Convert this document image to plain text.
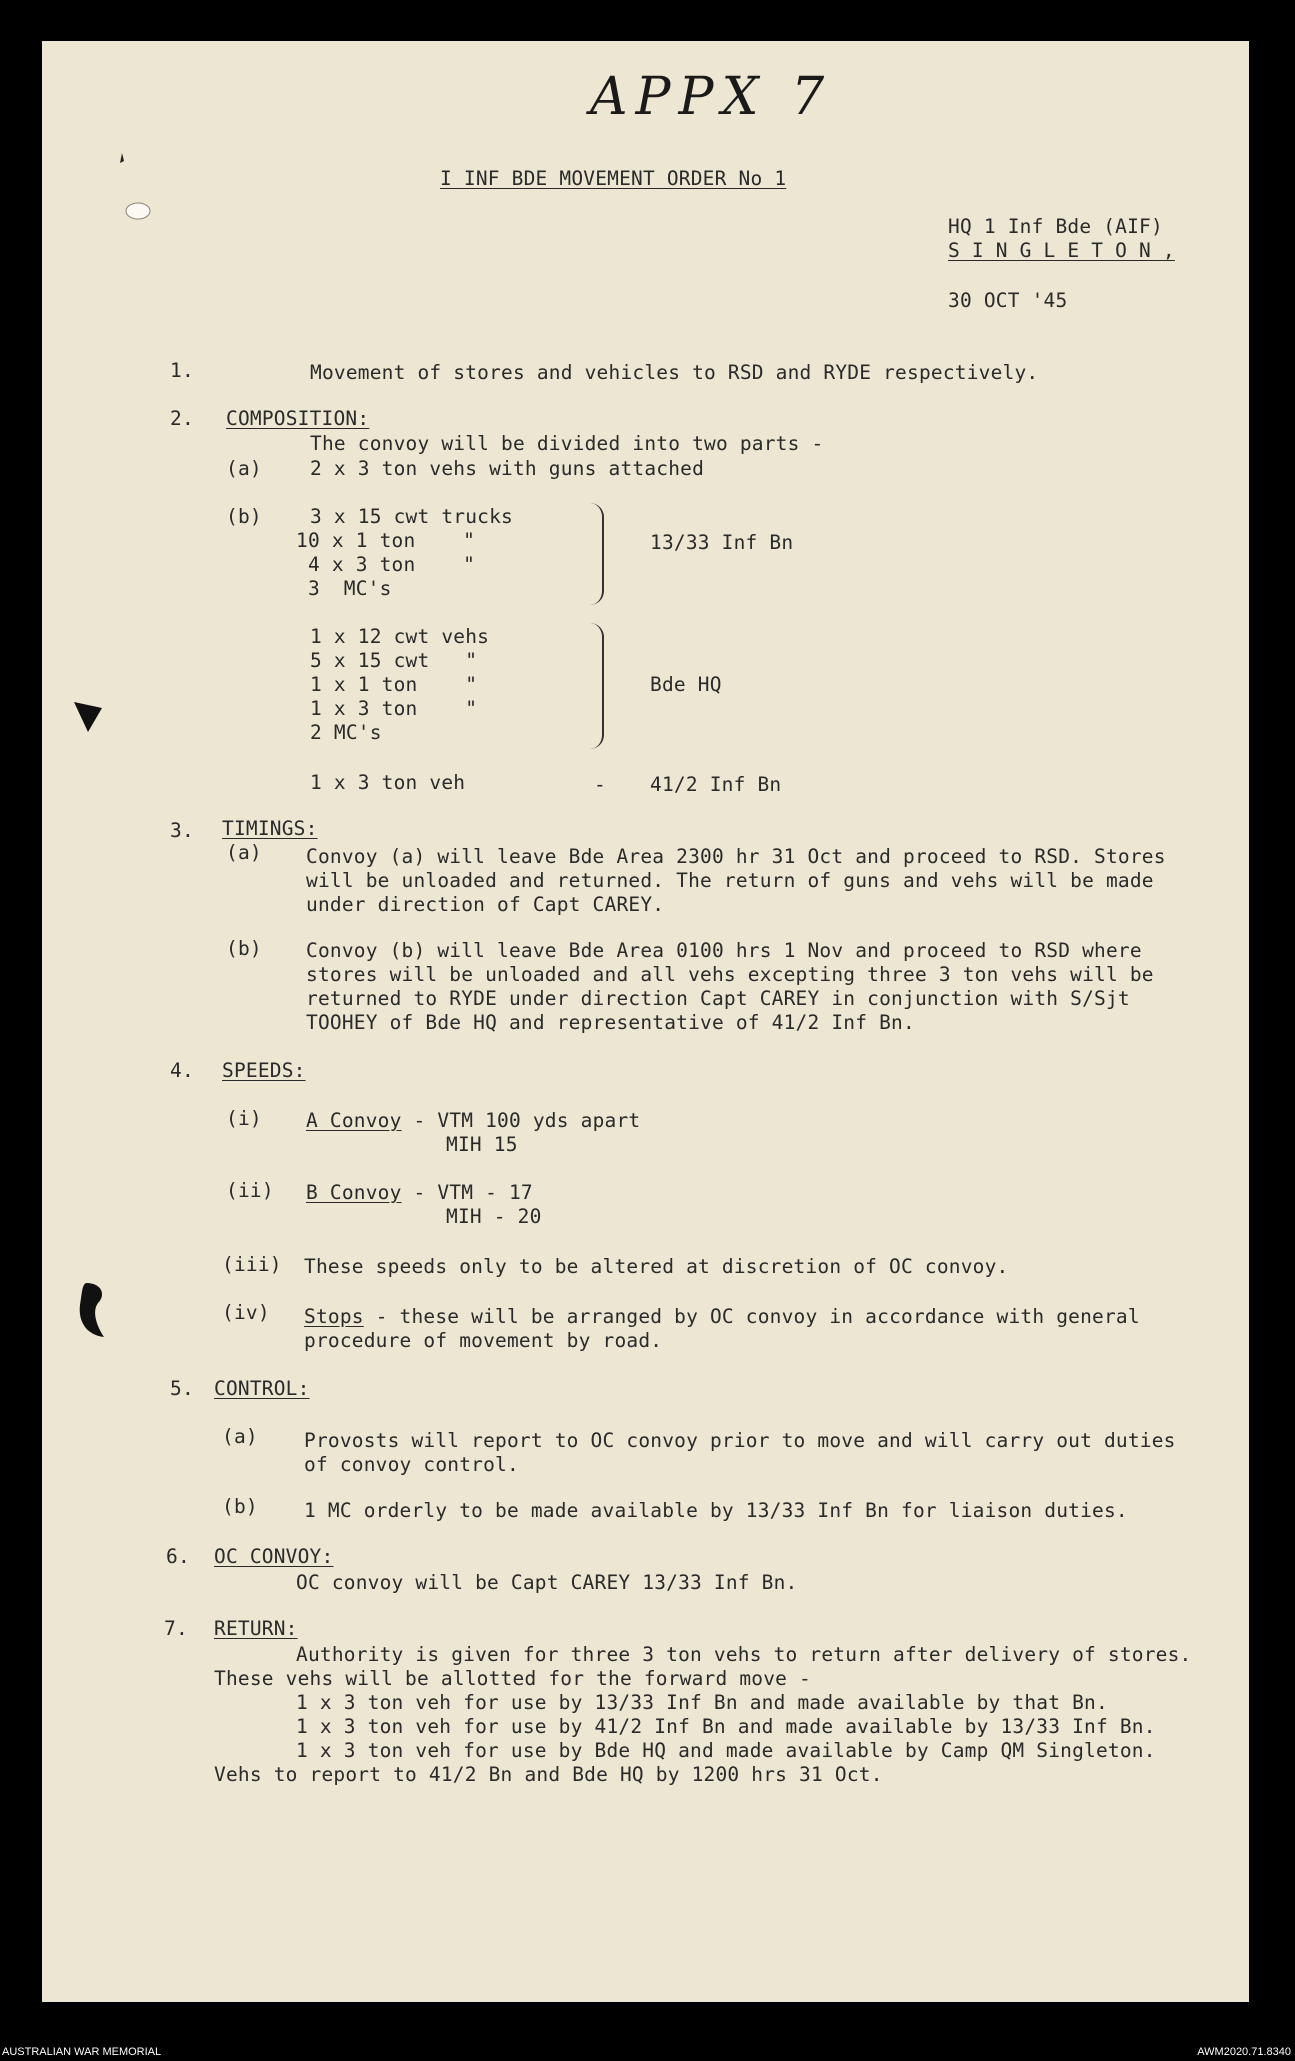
APPX 7
I INF BDE MOVEMENT ORDER No 1
HQ 1 Inf Bde (AIF)
S I N G L E T O N ,
30 OCT '45
1.	Movement of stores and vehicles to RSD and RYDE respectively.
2. COMPOSITION:
The convoy will be divided into two parts -
(a) 2 x 3 ton vehs with guns attached
(b) 3 x 15 cwt trucks
10 x 1 ton    "
4 x 3 ton    "
3  MC's
13/33 Inf Bn
1 x 12 cwt vehs
5 x 15 cwt   "
1 x 1 ton    "
1 x 3 ton    "
2 MC's
Bde HQ
1 x 3 ton veh	- 41/2 Inf Bn
3. TIMINGS:
(a) Convoy (a) will leave Bde Area 2300 hr 31 Oct and proceed to RSD. Stores
will be unloaded and returned. The return of guns and vehs will be made
under direction of Capt CAREY.
(b) Convoy (b) will leave Bde Area 0100 hrs 1 Nov and proceed to RSD where
stores will be unloaded and all vehs excepting three 3 ton vehs will be
returned to RYDE under direction Capt CAREY in conjunction with S/Sjt
TOOHEY of Bde HQ and representative of 41/2 Inf Bn.
4. SPEEDS:
(i) A Convoy - VTM 100 yds apart
MIH 15
(ii) B Convoy - VTM - 17
MIH - 20
(iii) These speeds only to be altered at discretion of OC convoy.
(iv) Stops - these will be arranged by OC convoy in accordance with general
procedure of movement by road.
5. CONTROL:
(a) Provosts will report to OC convoy prior to move and will carry out duties
of convoy control.
(b) 1 MC orderly to be made available by 13/33 Inf Bn for liaison duties.
6. OC CONVOY:
OC convoy will be Capt CAREY 13/33 Inf Bn.
7. RETURN:
Authority is given for three 3 ton vehs to return after delivery of stores.
These vehs will be allotted for the forward move -
1 x 3 ton veh for use by 13/33 Inf Bn and made available by that Bn.
1 x 3 ton veh for use by 41/2 Inf Bn and made available by 13/33 Inf Bn.
1 x 3 ton veh for use by Bde HQ and made available by Camp QM Singleton.
Vehs to report to 41/2 Bn and Bde HQ by 1200 hrs 31 Oct.
AUSTRALIAN WAR MEMORIAL	AWM2020.71.8340
